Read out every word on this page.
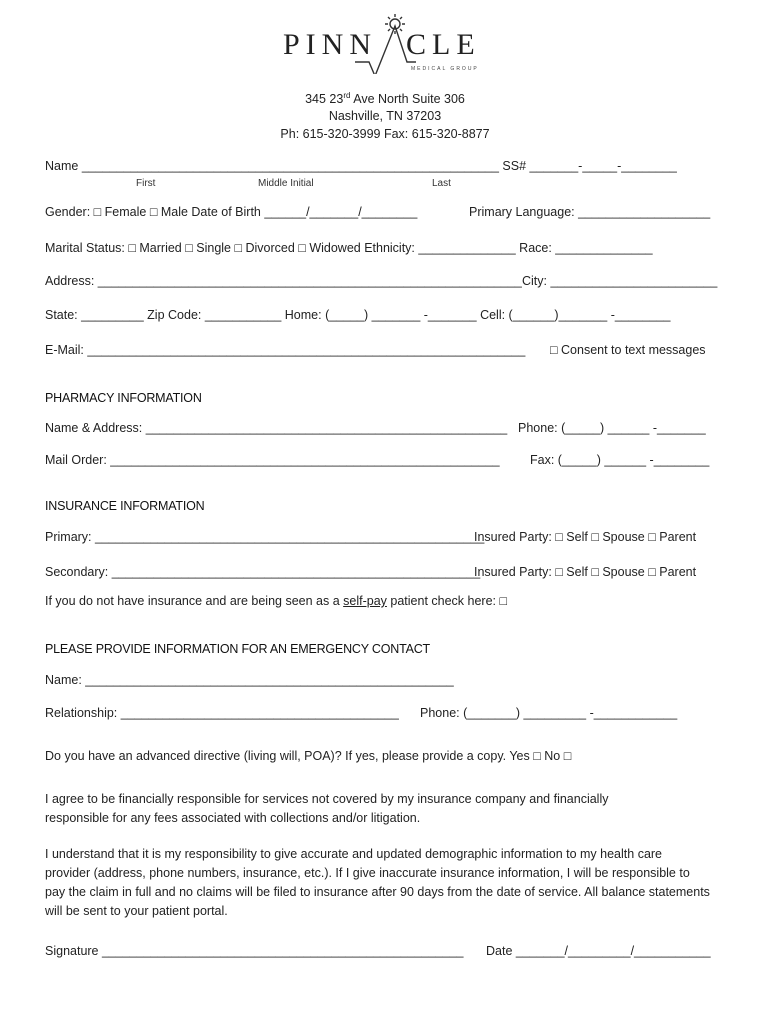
PINN CLE
MEDICAL GROUP
345 23rd Ave North Suite 306
Nashville, TN 37203
Ph: 615-320-3999 Fax: 615-320-8877
Name ____________________________________________________________ SS# _______-_____-________
First	Middle Initial	Last
Gender: □ Female □ Male Date of Birth ______/_______/________	Primary Language: ___________________
Marital Status: □ Married □ Single □ Divorced □ Widowed Ethnicity: ______________ Race: ______________
Address: _____________________________________________________________ City: ________________________
State: _________ Zip Code: ___________ Home: (_____) _______ -_______ Cell: (______)_______ -________
E-Mail: _______________________________________________________________ □ Consent to text messages
PHARMACY INFORMATION
Name & Address: ____________________________________________________ Phone: (_____) ______ -_______
Mail Order: ________________________________________________________ Fax: (_____) ______ -________
INSURANCE INFORMATION
Primary: ________________________________________________________
Insured Party: □ Self □ Spouse □ Parent
Secondary: _____________________________________________________
Insured Party: □ Self □ Spouse □ Parent
If you do not have insurance and are being seen as a self-pay patient check here: □
PLEASE PROVIDE INFORMATION FOR AN EMERGENCY CONTACT
Name: _____________________________________________________
Relationship: ________________________________________ Phone: (_______) _________ -____________
Do you have an advanced directive (living will, POA)? If yes, please provide a copy. Yes □ No □
I agree to be financially responsible for services not covered by my insurance company and financially responsible for any fees associated with collections and/or litigation.
I understand that it is my responsibility to give accurate and updated demographic information to my health care provider (address, phone numbers, insurance, etc.). If I give inaccurate insurance information, I will be responsible to pay the claim in full and no claims will be filed to insurance after 90 days from the date of service. All balance statements will be sent to your patient portal.
Signature ____________________________________________________ Date _______/_________/___________
